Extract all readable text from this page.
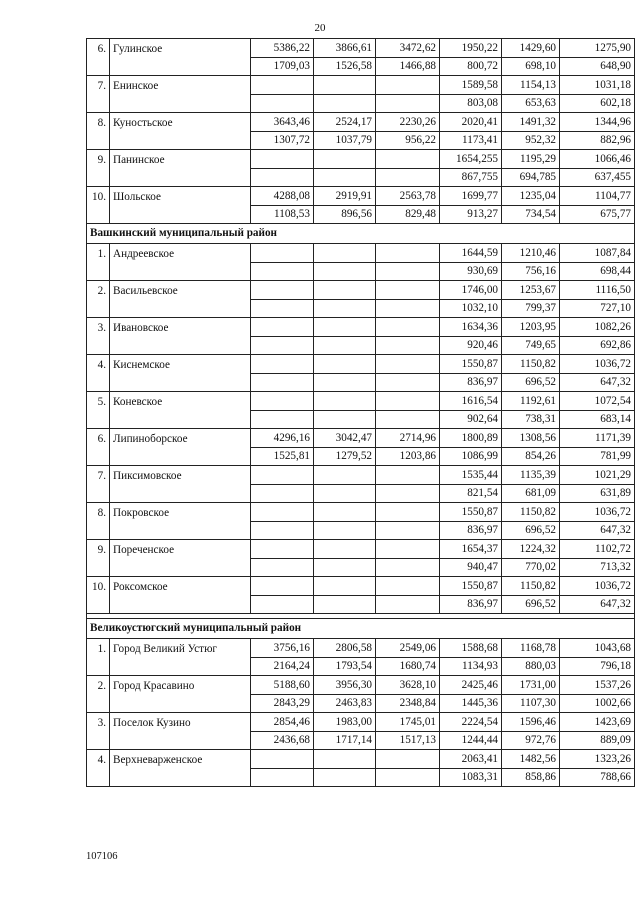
20
6.	Гулинское	5386,22	3866,61	3472,62	1950,22	1429,60	1275,90
		1709,03	1526,58	1466,88	800,72	698,10	648,90
7.	Енинское				1589,58	1154,13	1031,18
					803,08	653,63	602,18
8.	Куностьское	3643,46	2524,17	2230,26	2020,41	1491,32	1344,96
		1307,72	1037,79	956,22	1173,41	952,32	882,96
9.	Панинское				1654,255	1195,29	1066,46
					867,755	694,785	637,455
10.	Шольское	4288,08	2919,91	2563,78	1699,77	1235,04	1104,77
		1108,53	896,56	829,48	913,27	734,54	675,77
Вашкинский муниципальный район							
1.	Андреевское				1644,59	1210,46	1087,84
					930,69	756,16	698,44
2.	Васильевское				1746,00	1253,67	1116,50
					1032,10	799,37	727,10
3.	Ивановское				1634,36	1203,95	1082,26
					920,46	749,65	692,86
4.	Киснемское				1550,87	1150,82	1036,72
					836,97	696,52	647,32
5.	Коневское				1616,54	1192,61	1072,54
					902,64	738,31	683,14
6.	Липиноборское	4296,16	3042,47	2714,96	1800,89	1308,56	1171,39
		1525,81	1279,52	1203,86	1086,99	854,26	781,99
7.	Пиксимовское				1535,44	1135,39	1021,29
					821,54	681,09	631,89
8.	Покровское				1550,87	1150,82	1036,72
					836,97	696,52	647,32
9.	Пореченское				1654,37	1224,32	1102,72
					940,47	770,02	713,32
10.	Роксомское				1550,87	1150,82	1036,72
					836,97	696,52	647,32

Великоустюгский муниципальный район							
1.	Город Великий Устюг	3756,16	2806,58	2549,06	1588,68	1168,78	1043,68
		2164,24	1793,54	1680,74	1134,93	880,03	796,18
2.	Город Красавино	5188,60	3956,30	3628,10	2425,46	1731,00	1537,26
		2843,29	2463,83	2348,84	1445,36	1107,30	1002,66
3.	Поселок Кузино	2854,46	1983,00	1745,01	2224,54	1596,46	1423,69
		2436,68	1717,14	1517,13	1244,44	972,76	889,09
4.	Верхневарженское				2063,41	1482,56	1323,26
					1083,31	858,86	788,66
107106
